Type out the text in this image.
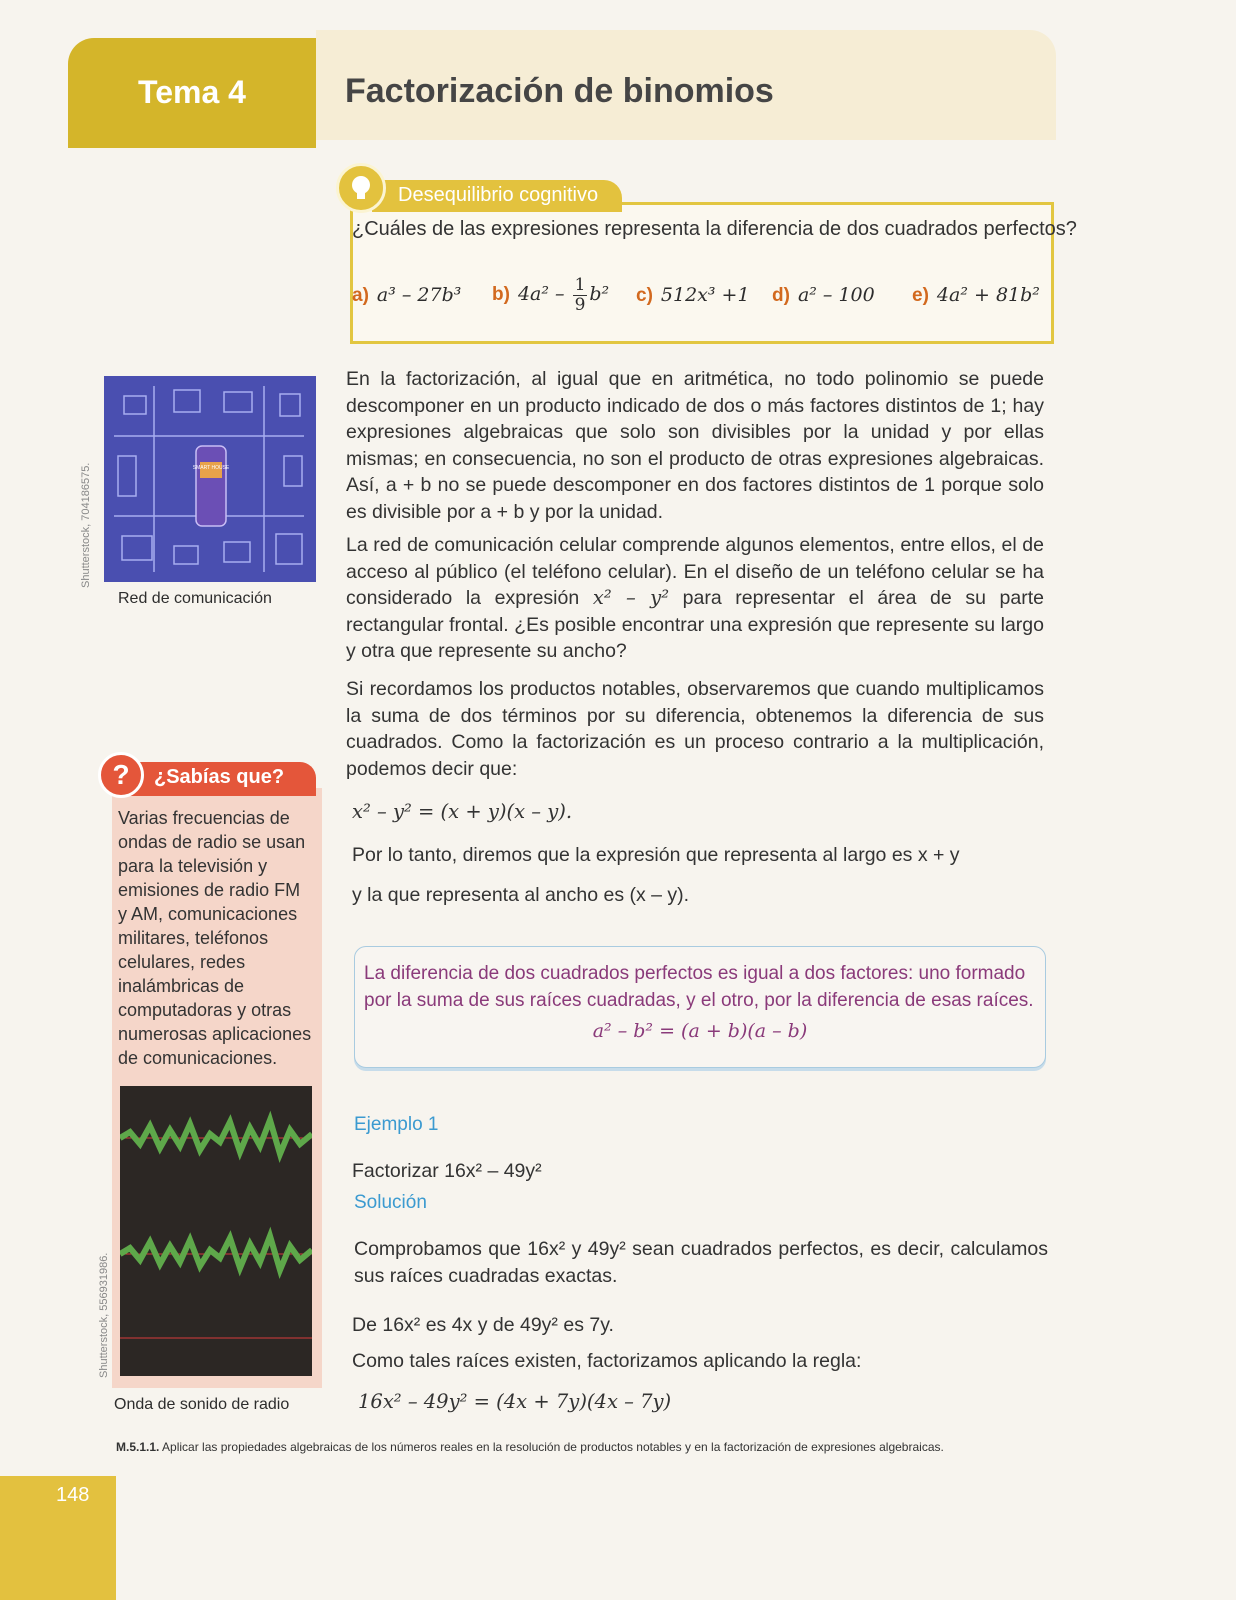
Tema 4	Factorización de binomios
Desequilibrio cognitivo
¿Cuáles de las expresiones representa la diferencia de dos cuadrados perfectos?
a) a³ – 27b³ b) $4a^2 - \frac{1}{9} b^2$ c) 512x³ +1 d) a² – 100 e) 4a² + 81b²
SMART HOUSE
Shutterstock, 704186575.
Red de comunicación
?	¿Sabías que?
Varias frecuencias de ondas de radio se usan para la televisión y emisiones de radio FM y AM, comunicaciones militares, teléfonos celulares, redes inalámbricas de computadoras y otras numerosas aplicaciones de comunicaciones.
Shutterstock, 556931986.
Onda de sonido de radio
En la factorización, al igual que en aritmética, no todo polinomio se puede descomponer en un producto indicado de dos o más factores distintos de 1; hay expresiones algebraicas que solo son divisibles por la unidad y por ellas mismas; en consecuencia, no son el producto de otras expresiones algebraicas. Así, a + b no se puede descomponer en dos factores distintos de 1 porque solo es divisible por a + b y por la unidad.
La red de comunicación celular comprende algunos elementos, entre ellos, el de acceso al público (el teléfono celular). En el diseño de un teléfono celular se ha considerado la expresión x² – y² para representar el área de su parte rectangular frontal. ¿Es posible encontrar una expresión que represente su largo y otra que represente su ancho?
Si recordamos los productos notables, observaremos que cuando multiplicamos la suma de dos términos por su diferencia, obtenemos la diferencia de sus cuadrados. Como la factorización es un proceso contrario a la multiplicación, podemos decir que:
x² – y² = (x + y)(x – y).
Por lo tanto, diremos que la expresión que representa al largo es x + y
y la que representa al ancho es (x – y).
La diferencia de dos cuadrados perfectos es igual a dos factores: uno formado por la suma de sus raíces cuadradas, y el otro, por la diferencia de esas raíces.
a² – b² = (a + b)(a – b)
Ejemplo 1
Factorizar 16x² – 49y²
Solución
Comprobamos que 16x² y 49y² sean cuadrados perfectos, es decir, calculamos sus raíces cuadradas exactas.
De 16x² es 4x y de 49y² es 7y.
Como tales raíces existen, factorizamos aplicando la regla:
16x² – 49y² = (4x + 7y)(4x – 7y)
M.5.1.1. Aplicar las propiedades algebraicas de los números reales en la resolución de productos notables y en la factorización de expresiones algebraicas.
148
